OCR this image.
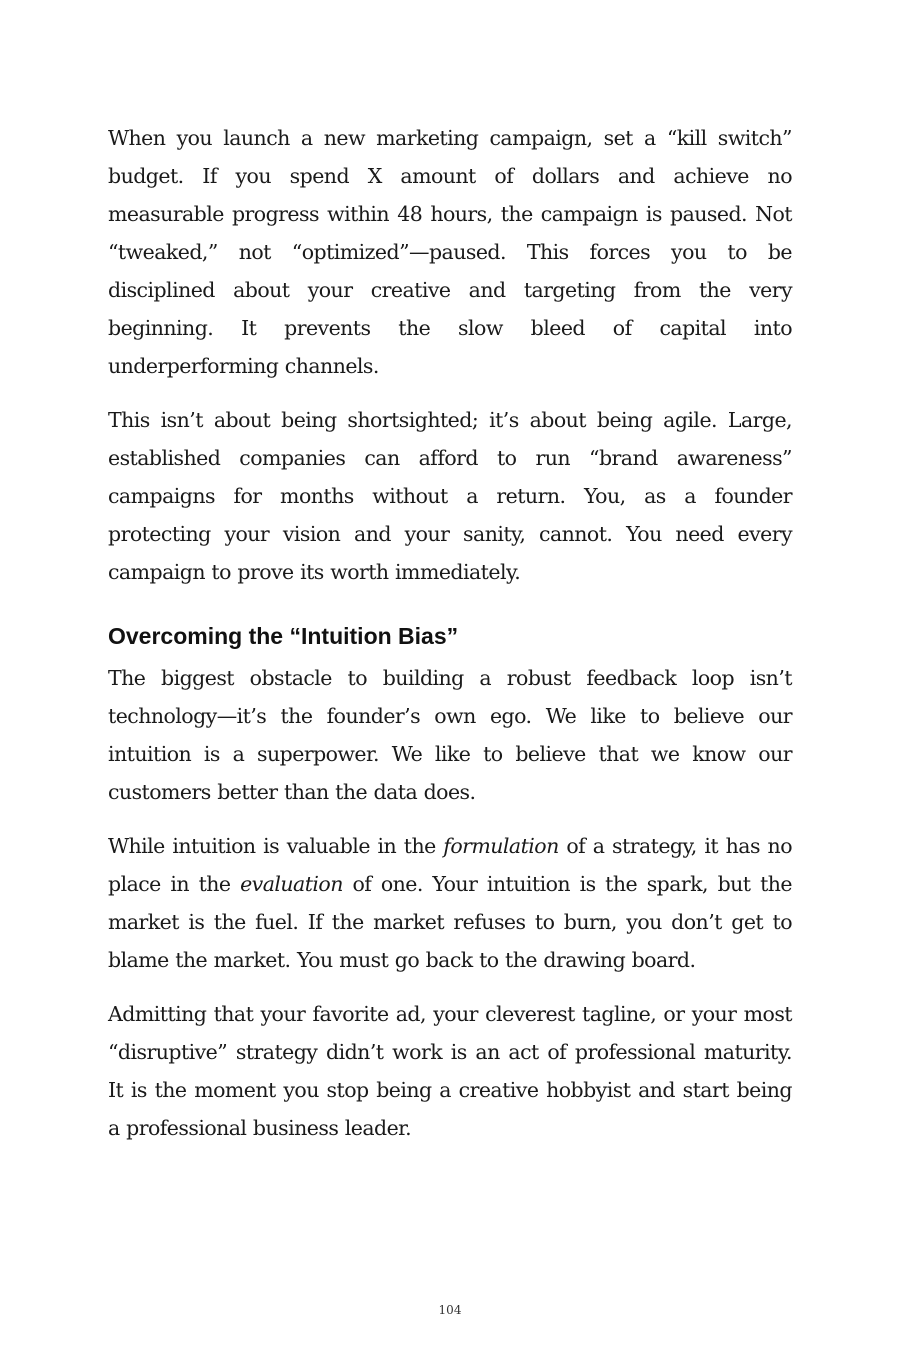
When you launch a new marketing campaign, set a “kill switch” budget. If you spend X amount of dollars and achieve no measurable progress within 48 hours, the campaign is paused. Not “tweaked,” not “optimized”—paused. This forces you to be disciplined about your creative and targeting from the very beginning. It prevents the slow bleed of capital into underperforming channels.

This isn’t about being shortsighted; it’s about being agile. Large, established companies can afford to run “brand awareness” campaigns for months without a return. You, as a founder protecting your vision and your sanity, cannot. You need every campaign to prove its worth immediately.

Overcoming the “Intuition Bias”

The biggest obstacle to building a robust feedback loop isn’t technology—it’s the founder’s own ego. We like to believe our intuition is a superpower. We like to believe that we know our customers better than the data does.

While intuition is valuable in the formulation of a strategy, it has no place in the evaluation of one. Your intuition is the spark, but the market is the fuel. If the market refuses to burn, you don’t get to blame the market. You must go back to the drawing board.

Admitting that your favorite ad, your cleverest tagline, or your most “disruptive” strategy didn’t work is an act of professional maturity. It is the moment you stop being a creative hobbyist and start being a professional business leader.

104
